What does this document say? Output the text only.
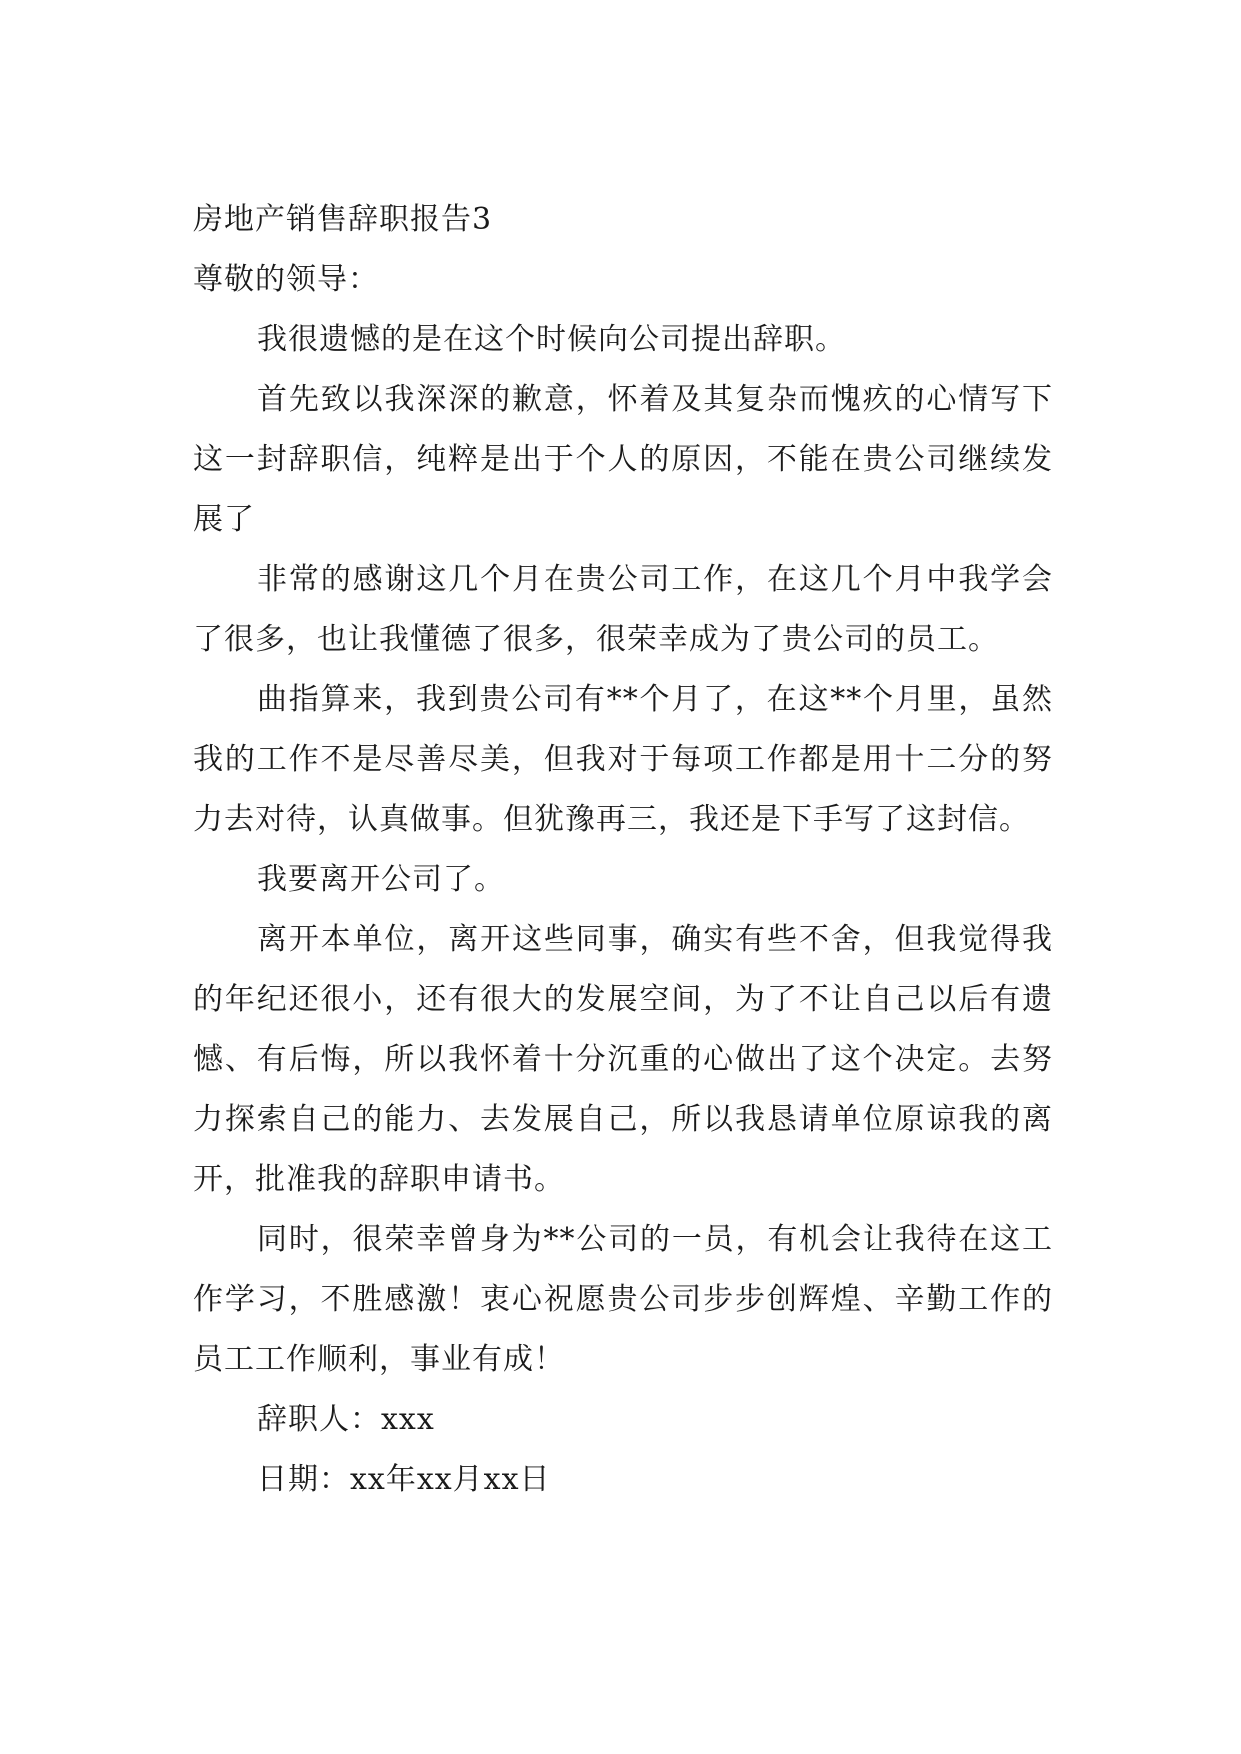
房地产销售辞职报告3

尊敬的领导：

我很遗憾的是在这个时候向公司提出辞职。

首先致以我深深的歉意，怀着及其复杂而愧疚的心情写下这一封辞职信，纯粹是出于个人的原因，不能在贵公司继续发展了

非常的感谢这几个月在贵公司工作，在这几个月中我学会了很多，也让我懂德了很多，很荣幸成为了贵公司的员工。

曲指算来，我到贵公司有**个月了，在这**个月里，虽然我的工作不是尽善尽美，但我对于每项工作都是用十二分的努力去对待，认真做事。但犹豫再三，我还是下手写了这封信。

我要离开公司了。

离开本单位，离开这些同事，确实有些不舍，但我觉得我的年纪还很小，还有很大的发展空间，为了不让自己以后有遗憾、有后悔，所以我怀着十分沉重的心做出了这个决定。去努力探索自己的能力、去发展自己，所以我恳请单位原谅我的离开，批准我的辞职申请书。

同时，很荣幸曾身为**公司的一员，有机会让我待在这工作学习，不胜感激！衷心祝愿贵公司步步创辉煌、辛勤工作的员工工作顺利，事业有成！

辞职人：xxx

日期：xx年xx月xx日
